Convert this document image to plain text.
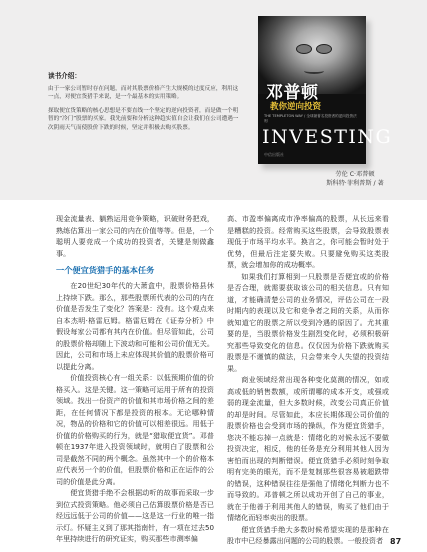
读书介绍：

由于一家公司暂时存在问题，而对其股票价格产生大规模的过度反应，利用这一点，对便宜货猎手来说，是一个最基本的实用策略。

探取便宜货策略的核心思想是不要直线一个坚定的逆向投资者，而是做一个明智的“冷门”股票的买家。我先前要和分析这种趋实值自会让我们在公司遭遇一次阴雨天气而使股价下跌的时候，坚定并积极去购买股票。

邓普顿
教你逆向投资
THE TEMPLETON WAY / 全球最著名投资者的逆向投资法则
INVESTING
中信出版社
劳伦 C·邓普顿
斯科特·菲利普斯 / 著

现金流量表、躺熟运用竞争策略，识破财务把戏，熟练估算出一家公司的内在价值等等。但是，一个聪明人要竞成一个成功的投资者，关键是刻做鑫事。

一个便宜货猎手的基本任务

在20世纪30年代的大萧盒中，股票价格县休上持续下跌。那么，那些股票所代表的公司的内在价值是否发生了变化？答案是：没有。这个观点来自本杰明·格雷厄姆。格雷厄姆在《证券分析》中假设每家公司都有其内在价值。但尽管如此，公司的股票价格却随上下波动和可能和公司价值无关。因此，公司和市场上未应体现其价值的股票价格可以提此分离。

价值投资核心有一组关系：以低预期价值的价格买入。这是关键。这一策略可运用于所有的投资领域。找出一份资产的价值和其市场价格之间的差距，在任何情况下都是投资的根本。无论哪种情况，物品的价格和它的价值可以相差很远。用低于价值的价格购买的行为，就是“猎取便宜货”。邓普顿在1937年进入投资领域时，就明白了股票和公司是截然不同的两个概念。虽然其中一个的价格本应代表另一个的价值，但股票价格和正在运作的公司的价值是此分离。

便宜货猎手绝不会根据动听的故事而采取一步到位式投资策略。他必须自己估算股票价格是否已经远远低于公司的价值——这是这一行业的唯一指示灯。怀疑主义到了那其指南针，有一项在过去50年里持续进行的研究证实，购买那些市测率偏

高、市盈率偏离成市净率偏高的股票，从长远来看是糟糕的投资。经常购买这些股票，会导致股票表现低于市场平均水平。换言之，你可能会暂时处于优势，但最后注定要失败。只要避免购买这类股票，就会增加你的成功概率。

如果我们打算相到一只股票是否便宜或的价格是否合理，就需要获取该公司的相关信息。只有知道，才能确清楚公司的业务情况，评估公司在一段时期内的表现以及它和竞争者之间的关系，从而你就知道它的股票之所以受到冷遇的原因了。尤其重要的是，当股票价格发生剧烈变化时，必须积极研究那些导致变化的信息。仅仅因为价格下跌就购买股票是不谨慎的做法，只会带来令人失望的投资结果。

商业领域经常出现各种变化莫测的情况，如或高或低的销售数额，或所谓哪的成本开支，或强或弱的现金流量，但大多数时候，改变公司真正价值的却是时间。尽管如此，本应长期体现公司价值的股票价格也会受到市场的操纵，作为便宜货猎手，您决不能忘掉一点就是：情绪化的对候永远不要做投资决定，相反，他的任务是充分利用其他人因为害怕而出现的判断错误。便宜货猎手必须时刻争取明有完美的眼光，而不是复制那些很容易被超跌带的错误，这种错误往往是强他了情绪化判断力也不而导致的。邓普顿之所以成功开创了自己的事业，就在于他善于利用其他人的错误，购买了他们由于情绪化而轻率卖出的股票。

便宜货猎手绝大多数时候希望实现的是那种在股市中已经暴露出问题的公司的股票。一般投资者 87
